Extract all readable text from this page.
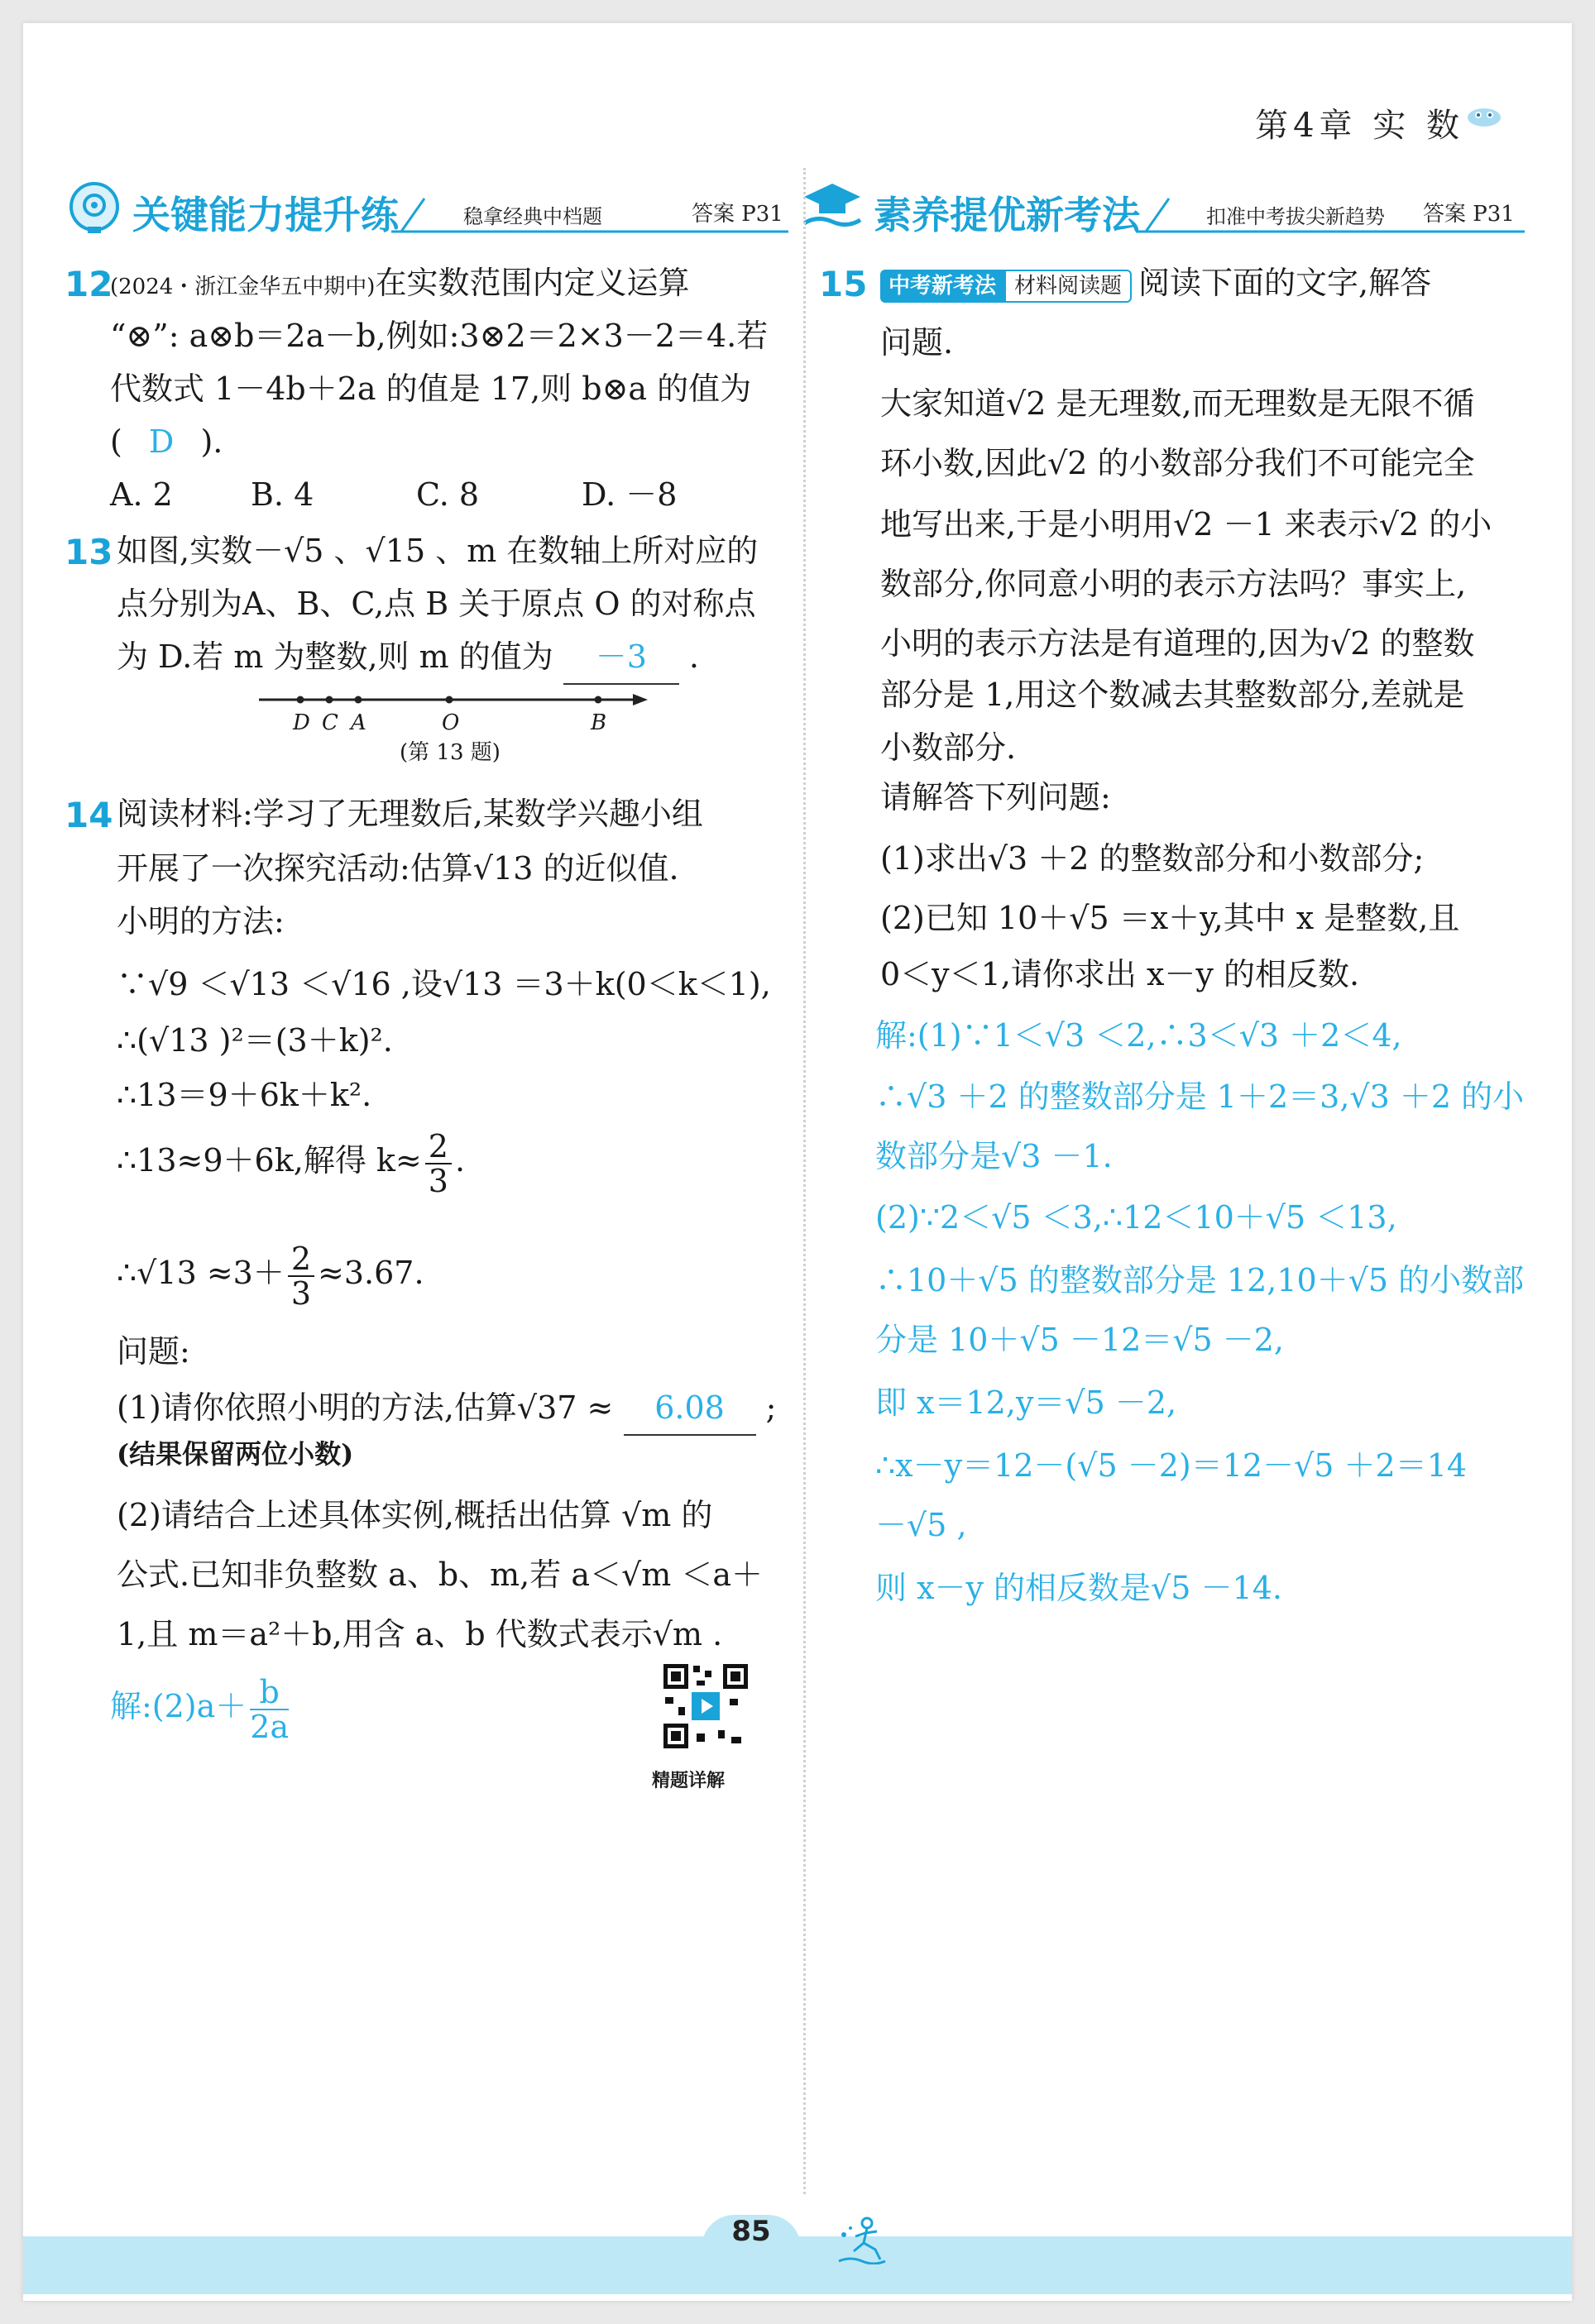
第4章 实 数
关键能力提升练	稳拿经典中档题	答案 P31 素养提优新考法	扣准中考拔尖新趋势 答案 P31
12
(2024・浙江金华五中期中)在实数范围内定义运算
“⊗”: a⊗b＝2a－b,例如:3⊗2＝2×3－2＝4.若
代数式 1－4b＋2a 的值是 17,则 b⊗a 的值为
( D ).
A. 2 B. 4	C. 8	D. －8
13 如图,实数－√5 、√15 、m 在数轴上所对应的
点分别为A、B、C,点 B 关于原点 O 的对称点
为 D.若 m 为整数,则 m 的值为 －3 .
D C A	O	B
(第 13 题)
14 阅读材料:学习了无理数后,某数学兴趣小组
开展了一次探究活动:估算√13 的近似值.
小明的方法:
∵√9 ＜√13 ＜√16 ,设√13 ＝3＋k(0＜k＜1),
∴(√13 )²＝(3＋k)².
∴13＝9＋6k＋k².
∴13≈9＋6k,解得 $k\approx \frac{2}{3}$ .
∴√13 $\approx 3+ \frac{2}{3} \approx 3.67$.
问题:
(1)请你依照小明的方法,估算√37 ≈ 6.08 ;
(结果保留两位小数)
(2)请结合上述具体实例,概括出估算 √m 的
公式.已知非负整数 a、b、m,若 a＜√m ＜a＋
1,且 m＝a²＋b,用含 a、b 代数式表示√m .
解:(2)a＋ $\frac{b}{2a}$
精题详解
15 中考新考法 材料阅读题 阅读下面的文字,解答
问题.
大家知道√2 是无理数,而无理数是无限不循
环小数,因此√2 的小数部分我们不可能完全
地写出来,于是小明用√2 －1 来表示√2 的小
数部分,你同意小明的表示方法吗？事实上,
小明的表示方法是有道理的,因为√2 的整数
部分是 1,用这个数减去其整数部分,差就是
小数部分.
请解答下列问题:
(1)求出√3 ＋2 的整数部分和小数部分;
(2)已知 10＋√5 ＝x＋y,其中 x 是整数,且
0＜y＜1,请你求出 x－y 的相反数.
解:(1)∵1＜√3 ＜2,∴3＜√3 ＋2＜4,
∴√3 ＋2 的整数部分是 1＋2＝3,√3 ＋2 的小
数部分是√3 －1.
(2)∵2＜√5 ＜3,∴12＜10＋√5 ＜13,
∴10＋√5 的整数部分是 12,10＋√5 的小数部
分是 10＋√5 －12＝√5 －2,
即 x＝12,y＝√5 －2,
∴x－y＝12－(√5 －2)＝12－√5 ＋2＝14
－√5 ,
则 x－y 的相反数是√5 －14.
85
